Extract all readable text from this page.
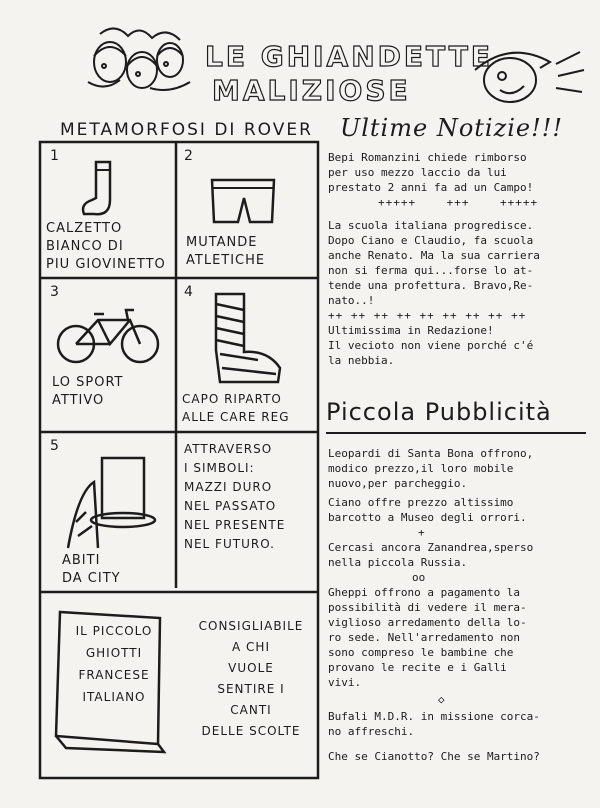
LE GHIANDETTE
MALIZIOSE
METAMORFOSI DI ROVER Ultime Notizie!!!
1
CALZETTO
BIANCO DI
PIU GIOVINETTO
2
MUTANDE
ATLETICHE
3
LO SPORT
ATTIVO
4
CAPO RIPARTO
ALLE CARE REG
5
ABITI
DA CITY
ATTRAVERSO
I SIMBOLI:
MAZZI DURO
NEL PASSATO
NEL PRESENTE
NEL FUTURO.
IL PICCOLO
GHIOTTI
FRANCESE
ITALIANO
CONSIGLIABILE
A CHI
VUOLE
SENTIRE I
CANTI
DELLE SCOLTE

Bepi Romanzini chiede rimborso
per uso mezzo laccio da lui
prestato 2 anni fa ad un Campo!

+++++    +++    +++++

La scuola italiana progredisce.
Dopo Ciano e Claudio, fa scuola
anche Renato. Ma la sua carriera
non si ferma qui...forse lo at-
tende una profettura. Bravo,Re-
nato..!

++ ++ ++ ++ ++ ++ ++ ++ ++

Ultimissima in Redazione!
Il vecioto non viene porché c'é
la nebbia.

Piccola Pubblicità

Leopardi di Santa Bona offrono,
modico prezzo,il loro mobile
nuovo,per parcheggio.

Ciano offre prezzo altissimo
barcotto a Museo degli orrori.

+

Cercasi ancora Zanandrea,sperso
nella piccola Russia.

oo

Gheppi offrono a pagamento la
possibilità di vedere il mera-
viglioso arredamento della lo-
ro sede. Nell'arredamento non
sono compreso le bambine che
provano le recite e i Galli
vivi.

◇

Bufali M.D.R. in missione corca-
no affreschi.

Che se Cianotto? Che se Martino?
